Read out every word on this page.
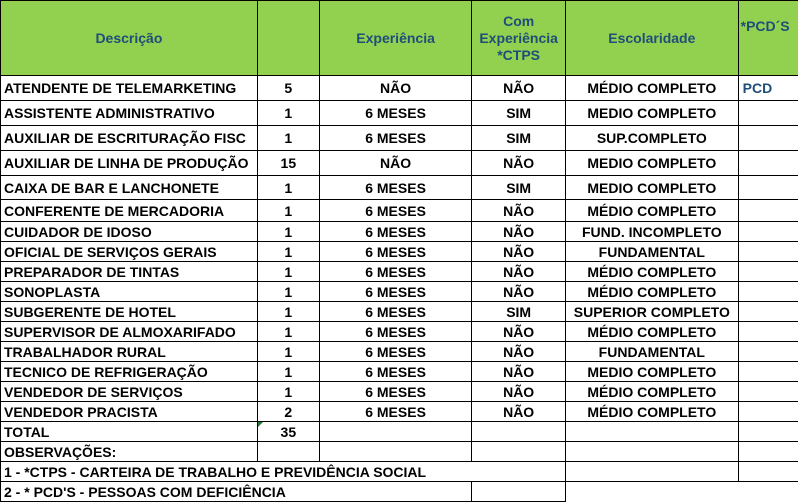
Descrição		Experiência	Com Experiência *CTPS	Escolaridade	*PCD´S
ATENDENTE DE TELEMARKETING	5	NÃO	NÃO	MÉDIO COMPLETO	PCD
ASSISTENTE ADMINISTRATIVO	1	6 MESES	SIM	MEDIO COMPLETO	
AUXILIAR DE ESCRITURAÇÃO FISC	1	6 MESES	SIM	SUP.COMPLETO	
AUXILIAR DE LINHA DE PRODUÇÃO	15	NÃO	NÃO	MEDIO COMPLETO	
CAIXA DE BAR E LANCHONETE	1	6 MESES	SIM	MEDIO COMPLETO	
CONFERENTE DE MERCADORIA	1	6 MESES	NÃO	MÉDIO COMPLETO	
CUIDADOR DE IDOSO	1	6 MESES	NÃO	FUND. INCOMPLETO	
OFICIAL DE SERVIÇOS GERAIS	1	6 MESES	NÃO	FUNDAMENTAL	
PREPARADOR DE TINTAS	1	6 MESES	NÃO	MÉDIO COMPLETO	
SONOPLASTA	1	6 MESES	NÃO	MÉDIO COMPLETO	
SUBGERENTE DE HOTEL	1	6 MESES	SIM	SUPERIOR COMPLETO	
SUPERVISOR DE ALMOXARIFADO	1	6 MESES	NÃO	MÉDIO COMPLETO	
TRABALHADOR RURAL	1	6 MESES	NÃO	FUNDAMENTAL	
TECNICO DE REFRIGERAÇÃO	1	6 MESES	NÃO	MEDIO COMPLETO	
VENDEDOR DE SERVIÇOS	1	6 MESES	NÃO	MÉDIO COMPLETO	
VENDEDOR PRACISTA	2	6 MESES	NÃO	MÉDIO COMPLETO	
TOTAL	35				
OBSERVAÇÕES:					
1 - *CTPS - CARTEIRA DE TRABALHO E PREVIDÊNCIA SOCIAL					
2 - * PCD'S - PESSOAS COM DEFICIÊNCIA					
